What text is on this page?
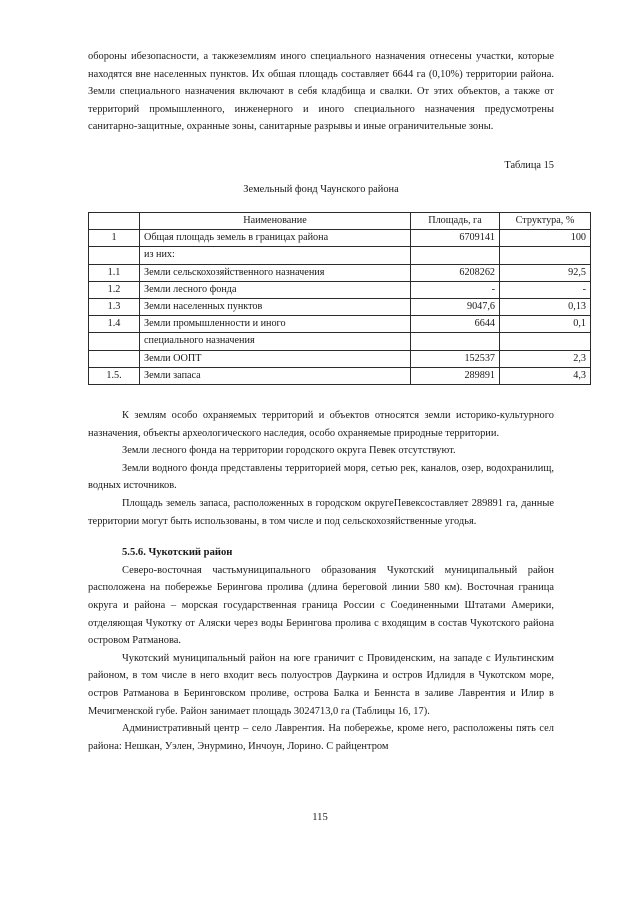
обороны ибезопасности, а такжеземлиям иного специального назначения отнесены участки, которые находятся вне населенных пунктов. Их обшая площадь составляет 6644 га (0,10%) территории района. Земли специального назначения включают в себя кладбища и свалки. От этих объектов, а также от территорий промышленного, инженерного и иного специального назначения предусмотрены санитарно-защитные, охранные зоны, санитарные разрывы и иные ограничительные зоны.

Таблица 15

Земельный фонд Чаунского района

	Наименование	Площадь, га	Структура, %
1	Общая площадь земель в границах района	6709141	100
	из них:		
1.1	Земли сельскохозяйственного назначения	6208262	92,5
1.2	Земли лесного фонда	-	-
1.3	Земли населенных пунктов	9047,6	0,13
1.4	Земли промышленности и иного	6644	0,1
	специального назначения		
	Земли ООПТ	152537	2,3
1.5.	Земли запаса	289891	4,3

К землям особо охраняемых территорий и объектов относятся земли историко-культурного назначения, объекты археологического наследия, особо охраняемые природные территории.

Земли лесного фонда на территории городского округа Певек отсутствуют.

Земли водного фонда представлены территорией моря, сетью рек, каналов, озер, водохранилищ, водных источников.

Площадь земель запаса, расположенных в городском округеПевексоставляет 289891 га, данные территории могут быть использованы, в том числе и под сельскохозяйственные угодья.

5.5.6. Чукотский район

Северо-восточная частьмуниципального образования Чукотский муниципальный район расположена на побережье Берингова пролива (длина береговой линии 580 км). Восточная граница округа и района – морская государственная граница России с Соединенными Штатами Америки, отделяющая Чукотку от Аляски через воды Берингова пролива с входящим в состав Чукотского района островом Ратманова.

Чукотский муниципальный район на юге граничит с Провиденским, на западе с Иультинским районом, в том числе в него входит весь полуостров Дауркина и остров Идлидля в Чукотском море, остров Ратманова в Беринговском проливе, острова Балка и Беннста в заливе Лаврентия и Илир в Мечигменской губе. Район занимает площадь 3024713,0 га (Таблицы 16, 17).

Административный центр – село Лаврентия. На побережье, кроме него, расположены пять сел района: Нешкан, Уэлен, Энурмино, Инчоун, Лорино. С райцентром

115
